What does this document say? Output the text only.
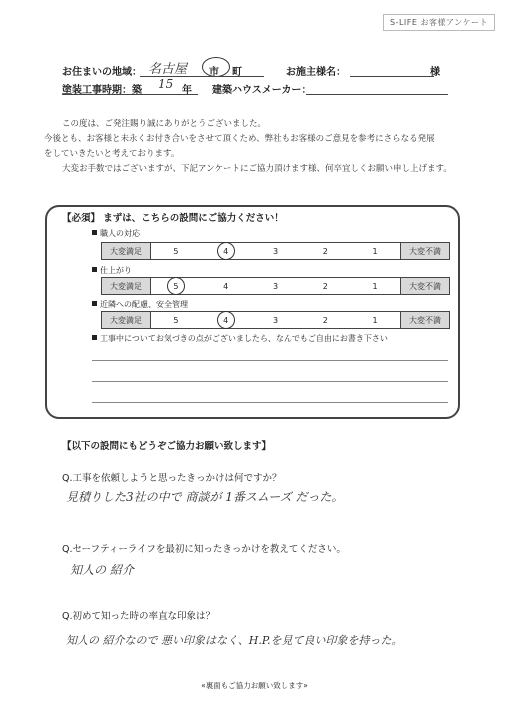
S-LIFE お客様アンケート
お住まいの地域： 名古屋 市 町	お施主様名：	様
塗装工事時期：築 15 年 建築ハウスメーカー：
この度は、ご発注賜り誠にありがとうございました。
今後とも、お客様と未永くお付き合いをさせて頂くため、弊社もお客様のご意見を参考にさらなる発展
をしていきたいと考えております。
大変お手数ではございますが、下記アンケートにご協力頂けます様、何卒宜しくお願い申し上げます。
【必須】 まずは、こちらの設問にご協力ください！
職人の対応
大変満足	5	4	3	2	1	大変不満
仕上がり
大変満足	5	4	3	2	1	大変不満
近隣への配慮、安全管理
大変満足	5	4	3	2	1	大変不満
工事中についてお気づきの点がございましたら、なんでもご自由にお書き下さい
【以下の設問にもどうぞご協力お願い致します】
Q.工事を依頼しようと思ったきっかけは何ですか？
見積りした3社の中で 商談が 1番スムーズ だった。
Q.セーフティーライフを最初に知ったきっかけを教えてください。
知人の 紹介
Q.初めて知った時の率直な印象は？
知人の 紹介なので 悪い印象はなく、H.P.を見て良い印象を持った。
«裏面もご協力お願い致します»
